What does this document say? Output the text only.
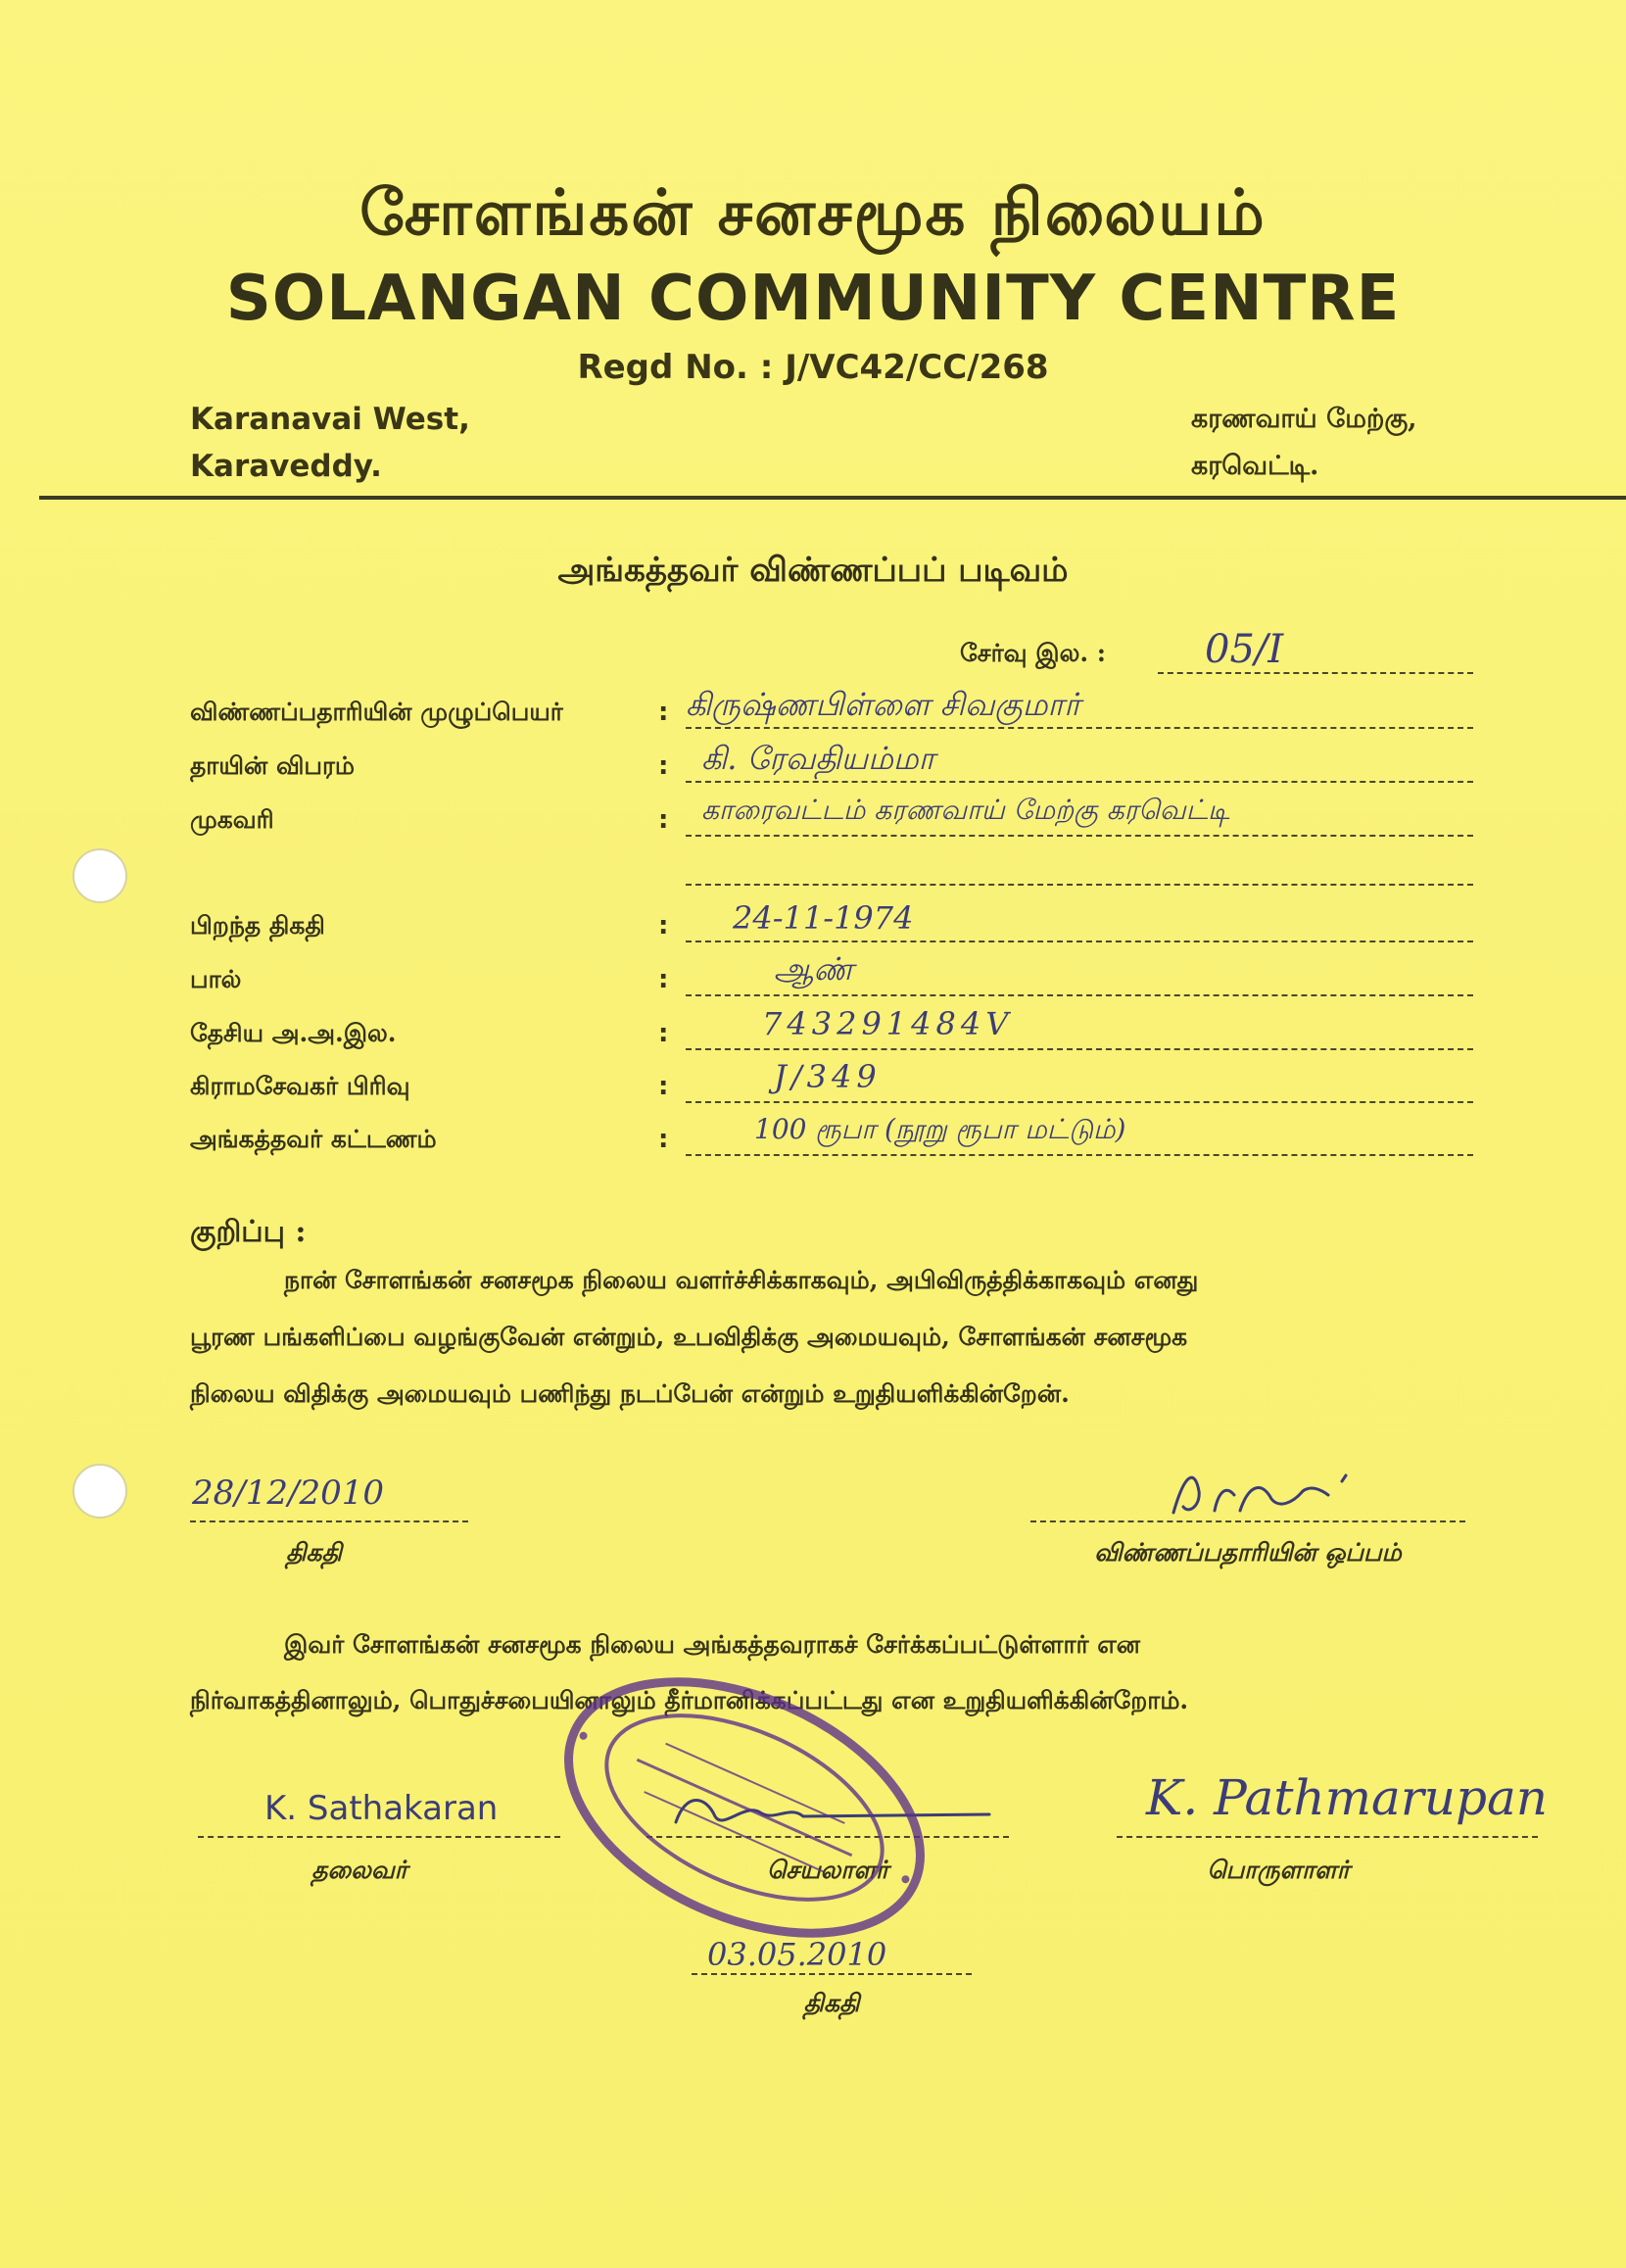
சோளங்கன் சனசமூக நிலையம்
SOLANGAN COMMUNITY CENTRE
Regd No. : J/VC42/CC/268
Karanavai West,
Karaveddy.
கரணவாய் மேற்கு,
கரவெட்டி.
அங்கத்தவர் விண்ணப்பப் படிவம்
சேர்வு இல. :	05/I
விண்ணப்பதாரியின் முழுப்பெயர்	: கிருஷ்ணபிள்ளை சிவகுமார்
தாயின் விபரம்	: கி. ரேவதியம்மா
முகவரி	: காரைவட்டம் கரணவாய் மேற்கு கரவெட்டி
பிறந்த திகதி	: 24-11-1974
பால்	:	ஆண்
தேசிய அ.அ.இல.	:	743291484V
கிராமசேவகர் பிரிவு	:	J/349
அங்கத்தவர் கட்டணம்	:	100 ரூபா (நூறு ரூபா மட்டும்)
குறிப்பு :
நான் சோளங்கன் சனசமூக நிலைய வளர்ச்சிக்காகவும், அபிவிருத்திக்காகவும் எனது
பூரண பங்களிப்பை வழங்குவேன் என்றும், உபவிதிக்கு அமையவும், சோளங்கன் சனசமூக
நிலைய விதிக்கு அமையவும் பணிந்து நடப்பேன் என்றும் உறுதியளிக்கின்றேன்.
28/12/2010
திகதி	விண்ணப்பதாரியின் ஒப்பம்
இவர் சோளங்கன் சனசமூக நிலைய அங்கத்தவராகச் சேர்க்கப்பட்டுள்ளார் என
நிர்வாகத்தினாலும், பொதுச்சபையினாலும் தீர்மானிக்கப்பட்டது என உறுதியளிக்கின்றோம்.
K. Sathakaran
தலைவர்	செயலாளர்
K. Pathmarupan
பொருளாளர்
03.05.2010
திகதி
